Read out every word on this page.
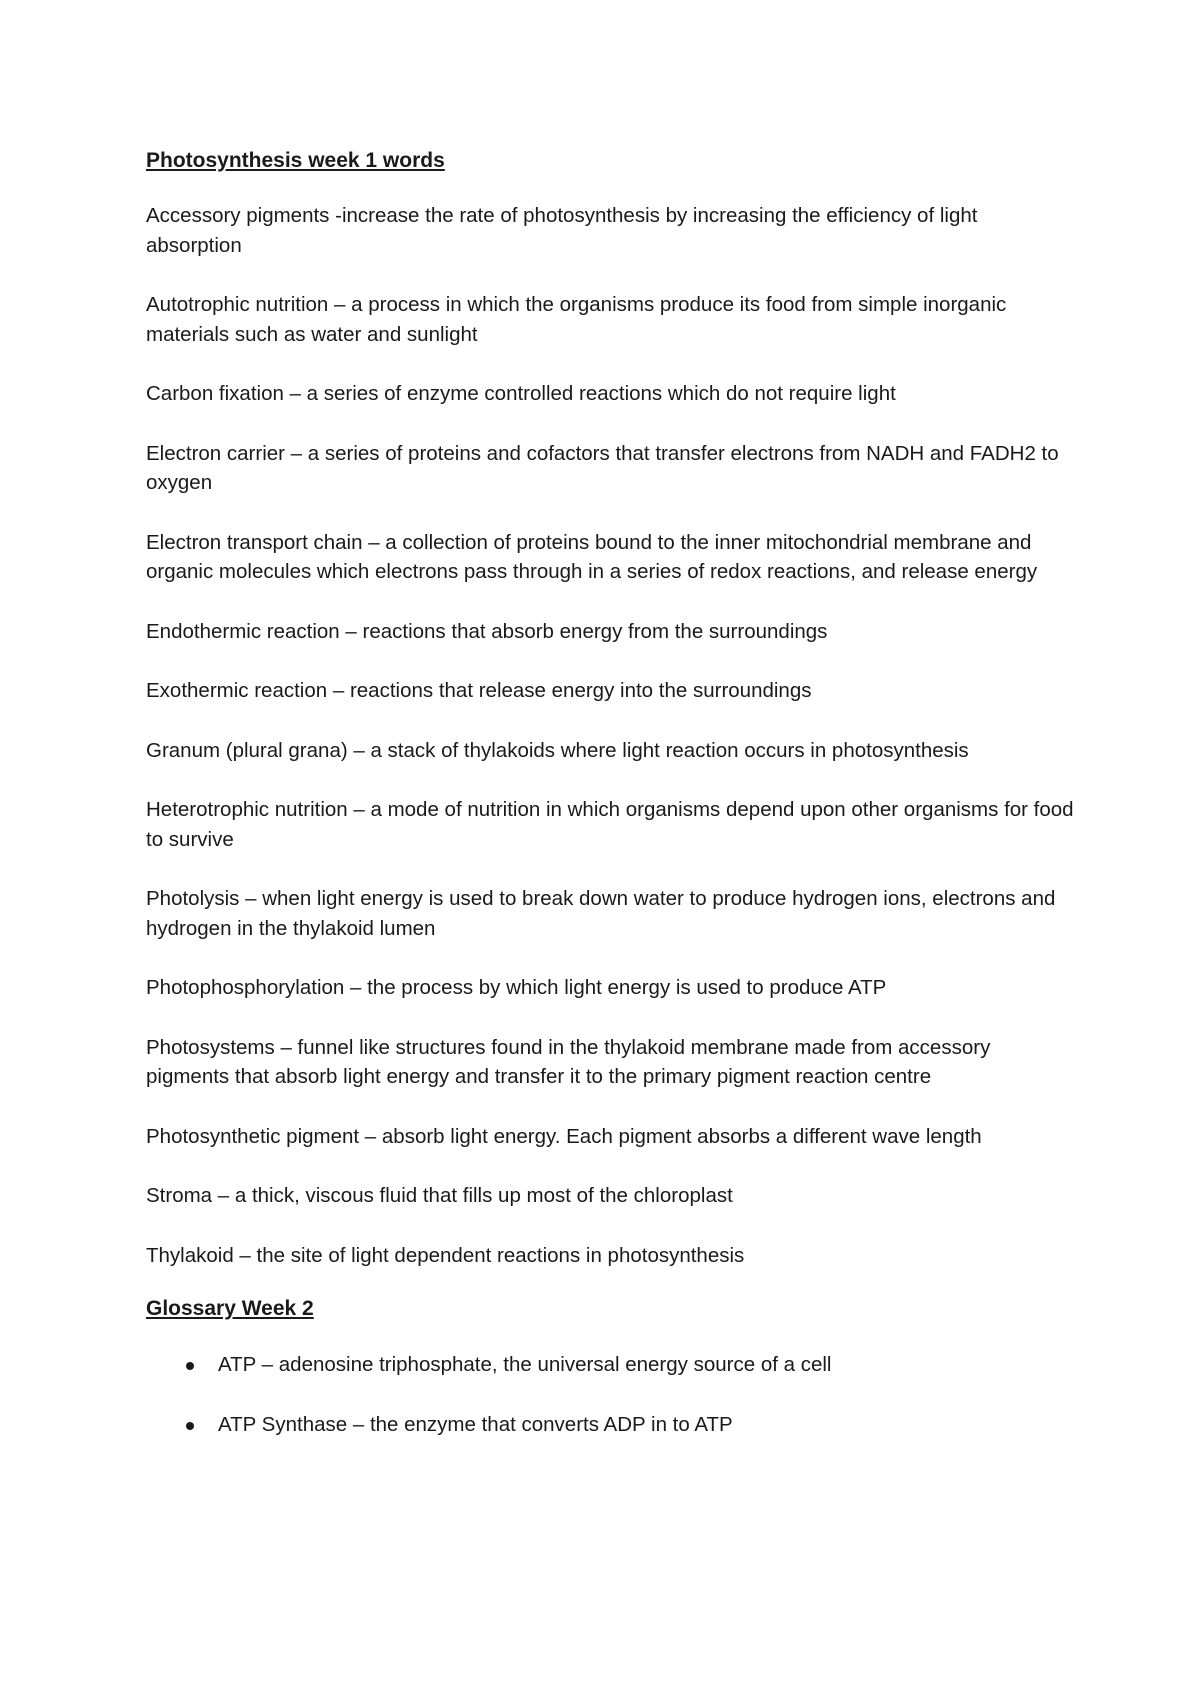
Photosynthesis week 1 words

Accessory pigments -increase the rate of photosynthesis by increasing the efficiency of light absorption

Autotrophic nutrition – a process in which the organisms produce its food from simple inorganic materials such as water and sunlight

Carbon fixation – a series of enzyme controlled reactions which do not require light

Electron carrier – a series of proteins and cofactors that transfer electrons from NADH and FADH2 to oxygen

Electron transport chain – a collection of proteins bound to the inner mitochondrial membrane and organic molecules which electrons pass through in a series of redox reactions, and release energy

Endothermic reaction – reactions that absorb energy from the surroundings

Exothermic reaction – reactions that release energy into the surroundings

Granum (plural grana) – a stack of thylakoids where light reaction occurs in photosynthesis

Heterotrophic nutrition – a mode of nutrition in which organisms depend upon other organisms for food to survive

Photolysis – when light energy is used to break down water to produce hydrogen ions, electrons and hydrogen in the thylakoid lumen

Photophosphorylation – the process by which light energy is used to produce ATP

Photosystems – funnel like structures found in the thylakoid membrane made from accessory pigments that absorb light energy and transfer it to the primary pigment reaction centre

Photosynthetic pigment – absorb light energy. Each pigment absorbs a different wave length

Stroma – a thick, viscous fluid that fills up most of the chloroplast

Thylakoid – the site of light dependent reactions in photosynthesis

Glossary Week 2
ATP – adenosine triphosphate, the universal energy source of a cell
ATP Synthase – the enzyme that converts ADP in to ATP
